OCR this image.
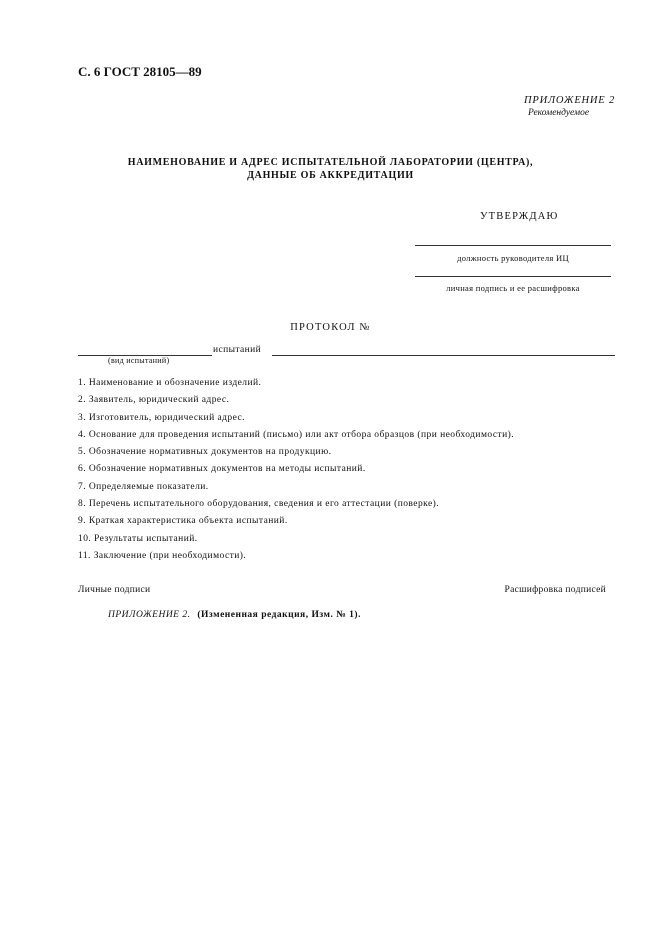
С. 6 ГОСТ 28105—89
ПРИЛОЖЕНИЕ 2
Рекомендуемое
НАИМЕНОВАНИЕ И АДРЕС ИСПЫТАТЕЛЬНОЙ ЛАБОРАТОРИИ (ЦЕНТРА),
ДАННЫЕ ОБ АККРЕДИТАЦИИ
УТВЕРЖДАЮ
должность руководителя ИЦ
личная подпись и ее расшифровка
ПРОТОКОЛ №
испытаний
(вид испытаний)
1. Наименование и обозначение изделий.
2. Заявитель, юридический адрес.
3. Изготовитель, юридический адрес.
4. Основание для проведения испытаний (письмо) или акт отбора образцов (при необходимости).
5. Обозначение нормативных документов на продукцию.
6. Обозначение нормативных документов на методы испытаний.
7. Определяемые показатели.
8. Перечень испытательного оборудования, сведения и его аттестации (поверке).
9. Краткая характеристика объекта испытаний.
10. Результаты испытаний.
11. Заключение (при необходимости).
Личные подписи	Расшифровка подписей
ПРИЛОЖЕНИЕ 2. (Измененная редакция, Изм. № 1).
